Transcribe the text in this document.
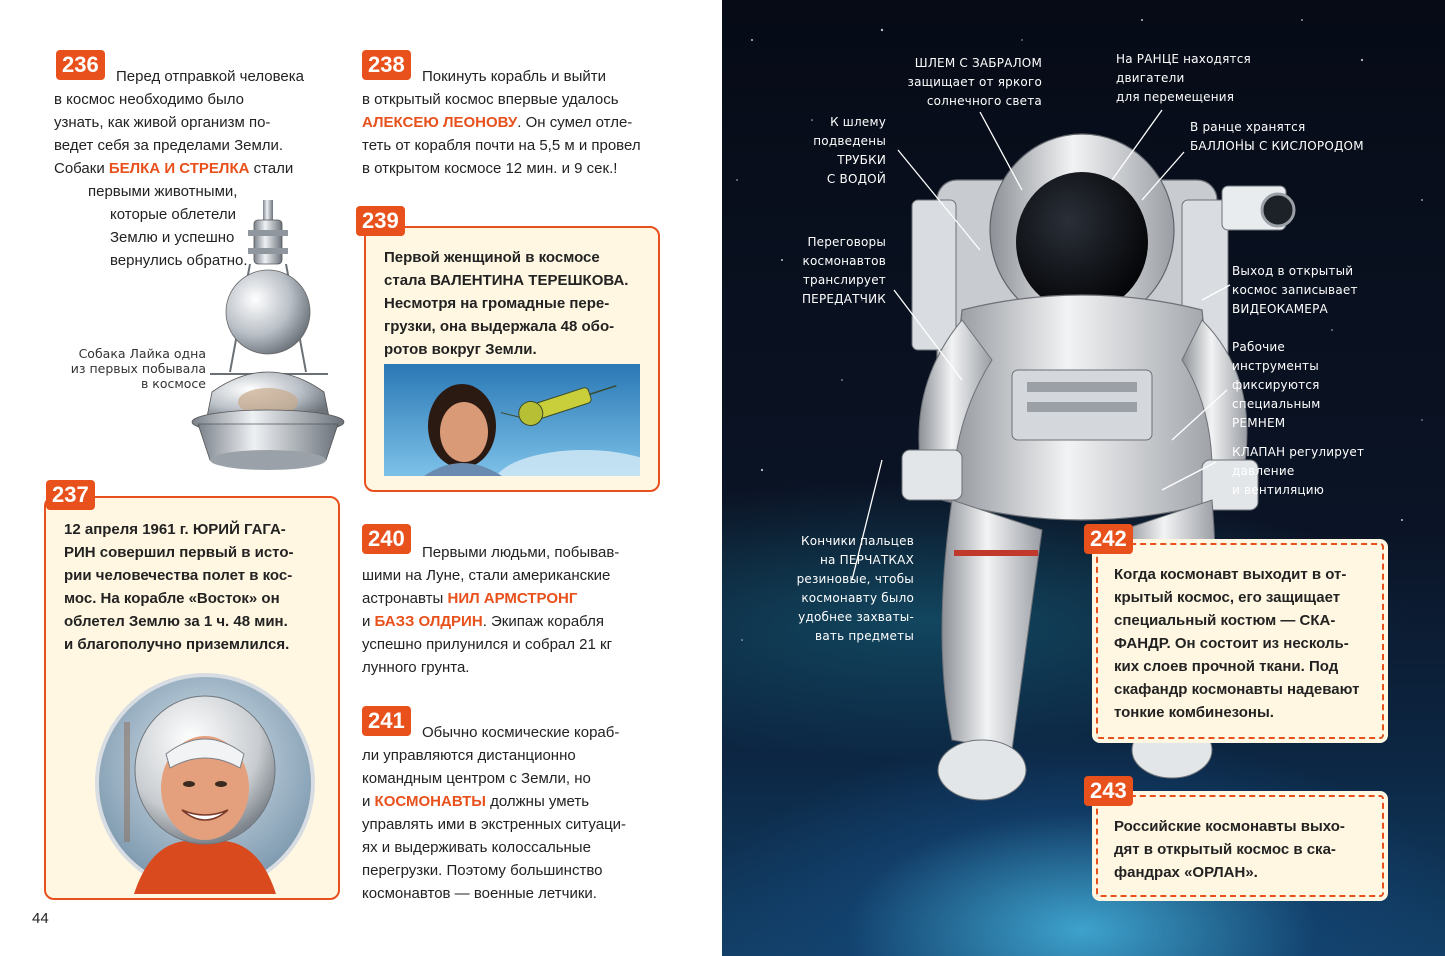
236	Перед отправкой человека
в космос необходимо было
узнать, как живой организм по-
ведет себя за пределами Земли.
Собаки БЕЛКА И СТРЕЛКА стали
первыми животными,
которые облетели
Землю и успешно
вернулись обратно.
Собака Лайка одна
из первых побывала
в космосе
12 апреля 1961 г. ЮРИЙ ГАГА-
РИН совершил первый в исто-
рии человечества полет в кос-
мос. На корабле «Восток» он
облетел Землю за 1 ч. 48 мин.
и благополучно приземлился.
237
238	Покинуть корабль и выйти
в открытый космос впервые удалось
АЛЕКСЕЮ ЛЕОНОВУ. Он сумел отле-
теть от корабля почти на 5,5 м и провел
в открытом космосе 12 мин. и 9 сек.!
Первой женщиной в космосе
стала ВАЛЕНТИНА ТЕРЕШКОВА.
Несмотря на громадные пере-
грузки, она выдержала 48 обо-
ротов вокруг Земли.
239
240
Первыми людьми, побывав-
шими на Луне, стали американские
астронавты НИЛ АРМСТРОНГ
и БАЗЗ ОЛДРИН. Экипаж корабля
успешно прилунился и собрал 21 кг
лунного грунта.
241	Обычно космические кораб-
ли управляются дистанционно
командным центром с Земли, но
и КОСМОНАВТЫ должны уметь
управлять ими в экстренных ситуаци-
ях и выдерживать колоссальные
перегрузки. Поэтому большинство
космонавтов — военные летчики.
44
ШЛЕМ С ЗАБРАЛОМ
защищает от яркого
солнечного света
На РАНЦЕ находятся
двигатели
для перемещения
К шлему
подведены
ТРУБКИ
С ВОДОЙ
В ранце хранятся
БАЛЛОНЫ С КИСЛОРОДОМ
Переговоры
космонавтов
транслирует
ПЕРЕДАТЧИК
Выход в открытый
космос записывает
ВИДЕОКАМЕРА
Рабочие
инструменты
фиксируются
специальным
РЕМНЕМ
КЛАПАН регулирует
давление
и вентиляцию
Кончики пальцев
на ПЕРЧАТКАХ
резиновые, чтобы
космонавту было
удобнее захваты-
вать предметы
Когда космонавт выходит в от-
крытый космос, его защищает
специальный костюм — СКА-
ФАНДР. Он состоит из несколь-
ких слоев прочной ткани. Под
скафандр космонавты надевают
тонкие комбинезоны.
242
Российские космонавты выхо-
дят в открытый космос в ска-
фандрах «ОРЛАН».
243
